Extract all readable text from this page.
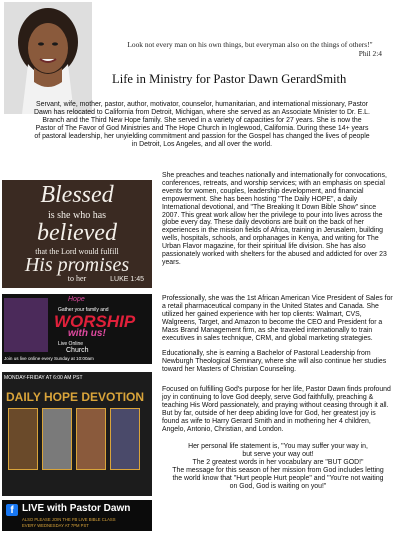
Look not every man on his own things, but everyman also on the things of others!"
Phil 2:4
Life in Ministry for Pastor Dawn GerardSmith
Servant, wife, mother, pastor, author, motivator, counselor, humanitarian, and international missionary, Pastor Dawn has relocated to California from Detroit, Michigan, where she served as an Associate Minister to Dr. E.L. Branch and the Third New Hope family. She served in a variety of capacities for 27 years. She is now the Pastor of The Favor of God Ministries and The Hope Church in Inglewood, California. During these 14+ years of pastoral leadership, her unyielding commitment and passion for the Gospel has changed the lives of people in Detroit, Los Angeles, and all over the world.
Blessed
is she who has
believed
that the Lord would fulfill
His promises
to her	LUKE 1:45
Hope
Gather your family and
WORSHIP
with us!
Live Online
Church
Join us live online every Sunday at 10:00am
MONDAY-FRIDAY AT 6:00 AM PST
DAILY HOPE DEVOTION
f LIVE with Pastor Dawn
ALSO PLEASE JOIN THE FB LIVE BIBLE CLASS
EVERY WEDNESDAY AT 7PM PST
She preaches and teaches nationally and internationally for convocations, conferences, retreats, and worship services; with an emphasis on special events for women, couples, leadership development, and financial empowerment. She has been hosting "The Daily HOPE", a daily International devotional, and "The Breaking It Down Bible Show" since 2007. This great work allow her the privilege to pour into lives across the globe every day. These daily devotions are built on the back of her experiences in the mission fields of Africa, training in Jerusalem, building wells, hospitals, schools, and orphanages in Kenya, and writing for The Urban Flavor magazine, for their spiritual life division. She has also passionately worked with shelters for the abused and addicted for over 23 years.
Professionally, she was the 1st African American Vice President of Sales for a retail pharmaceutical company in the United States and Canada. She utilized her gained experience with her top clients: Walmart, CVS, Walgreens, Target, and Amazon to become the CEO and President for a Mass Brand Management firm, as she traveled internationally to train executives in sales technique, CRM, and global marketing strategies.
Educationally, she is earning a Bachelor of Pastoral Leadership from Newburgh Theological Seminary, where she will also continue her studies toward her Masters of Christian Counseling.
Focused on fulfilling God's purpose for her life, Pastor Dawn finds profound joy in continuing to love God deeply, serve God faithfully, preaching & teaching His Word passionately, and praying without ceasing through it all. But by far, outside of her deep abiding love for God, her greatest joy is found as wife to Harry Gerard Smith and in mothering her 4 children, Angelo, Antonio, Christian, and London.
Her personal life statement is, "You may suffer your way in,
but serve your way out!
The 2 greatest words in her vocabulary are "BUT GOD!"
The message for this season of her mission from God includes letting
the world know that "Hurt people Hurt people" and "You're not waiting
on God, God is waiting on you!"
